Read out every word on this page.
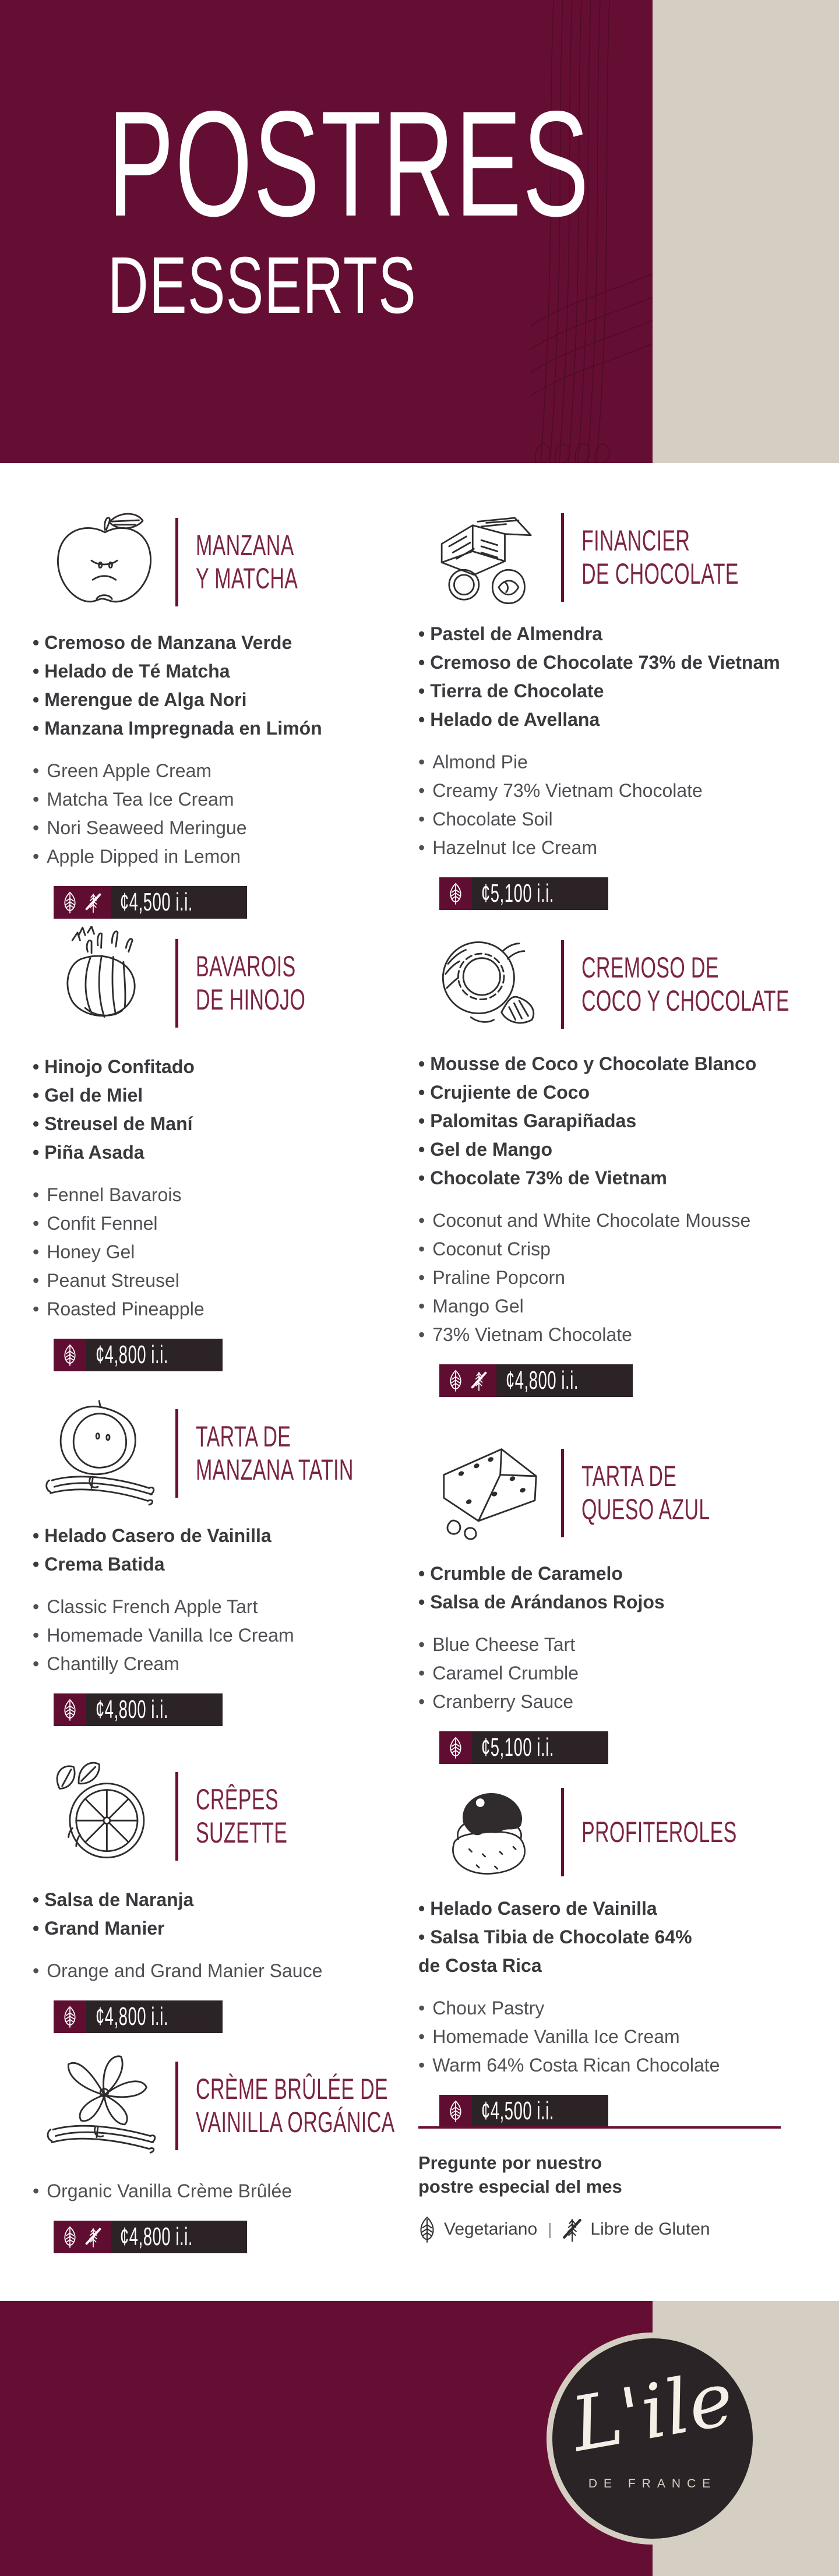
POSTRES
DESSERTS
MANZANA
Y MATCHA
• Cremoso de Manzana Verde
• Helado de Té Matcha
• Merengue de Alga Nori
• Manzana Impregnada en Limón
• Green Apple Cream
• Matcha Tea Ice Cream
• Nori Seaweed Meringue
• Apple Dipped in Lemon
¢4,500 i.i.
FINANCIER
DE CHOCOLATE
• Pastel de Almendra
• Cremoso de Chocolate 73% de Vietnam
• Tierra de Chocolate
• Helado de Avellana
• Almond Pie
• Creamy 73% Vietnam Chocolate
• Chocolate Soil
• Hazelnut Ice Cream
¢5,100 i.i.
BAVAROIS
DE HINOJO
• Hinojo Confitado
• Gel de Miel
• Streusel de Maní
• Piña Asada
• Fennel Bavarois
• Confit Fennel
• Honey Gel
• Peanut Streusel
• Roasted Pineapple
¢4,800 i.i.
CREMOSO DE
COCO Y CHOCOLATE
• Mousse de Coco y Chocolate Blanco
• Crujiente de Coco
• Palomitas Garapiñadas
• Gel de Mango
• Chocolate 73% de Vietnam
• Coconut and White Chocolate Mousse
• Coconut Crisp
• Praline Popcorn
• Mango Gel
• 73% Vietnam Chocolate
¢4,800 i.i.
TARTA DE
MANZANA TATIN
• Helado Casero de Vainilla
• Crema Batida
• Classic French Apple Tart
• Homemade Vanilla Ice Cream
• Chantilly Cream
¢4,800 i.i.
TARTA DE
QUESO AZUL
• Crumble de Caramelo
• Salsa de Arándanos Rojos
• Blue Cheese Tart
• Caramel Crumble
• Cranberry Sauce
¢5,100 i.i.
CRÊPES
SUZETTE
• Salsa de Naranja
• Grand Manier
• Orange and Grand Manier Sauce
¢4,800 i.i.
PROFITEROLES
• Helado Casero de Vainilla
• Salsa Tibia de Chocolate 64% de Costa Rica
• Choux Pastry
• Homemade Vanilla Ice Cream
• Warm 64% Costa Rican Chocolate
¢4,500 i.i.
CRÈME BRÛLÉE DE
VAINILLA ORGÁNICA
• Organic Vanilla Crème Brûlée
¢4,800 i.i.
Pregunte por nuestro
postre especial del mes
Vegetariano | Libre de Gluten
L'ile
DE FRANCE
